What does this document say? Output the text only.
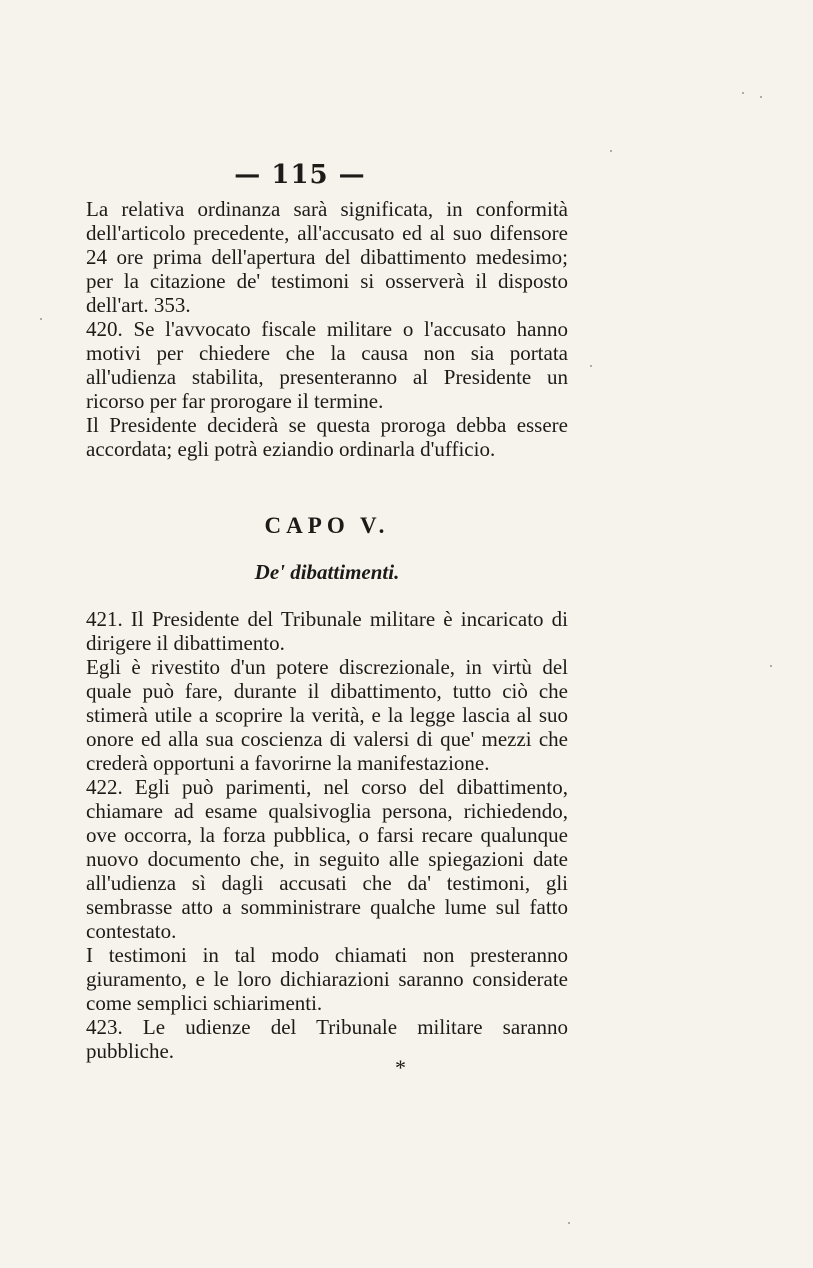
— 115 —

La relativa ordinanza sarà significata, in conformità dell'articolo precedente, all'accusato ed al suo difensore 24 ore prima dell'apertura del dibattimento medesimo; per la citazione de' testimoni si osserverà il disposto dell'art. 353.

420. Se l'avvocato fiscale militare o l'accusato hanno motivi per chiedere che la causa non sia portata all'udienza stabilita, presenteranno al Presidente un ricorso per far prorogare il termine.

Il Presidente deciderà se questa proroga debba essere accordata; egli potrà eziandio ordinarla d'ufficio.

CAPO V.
De' dibattimenti.

421. Il Presidente del Tribunale militare è incaricato di dirigere il dibattimento.

Egli è rivestito d'un potere discrezionale, in virtù del quale può fare, durante il dibattimento, tutto ciò che stimerà utile a scoprire la verità, e la legge lascia al suo onore ed alla sua coscienza di valersi di que' mezzi che crederà opportuni a favorirne la manifestazione.

422. Egli può parimenti, nel corso del dibattimento, chiamare ad esame qualsivoglia persona, richiedendo, ove occorra, la forza pubblica, o farsi recare qualunque nuovo documento che, in seguito alle spiegazioni date all'udienza sì dagli accusati che da' testimoni, gli sembrasse atto a somministrare qualche lume sul fatto contestato.

I testimoni in tal modo chiamati non presteranno giuramento, e le loro dichiarazioni saranno considerate come semplici schiarimenti.

423. Le udienze del Tribunale militare saranno pubbliche.

*
